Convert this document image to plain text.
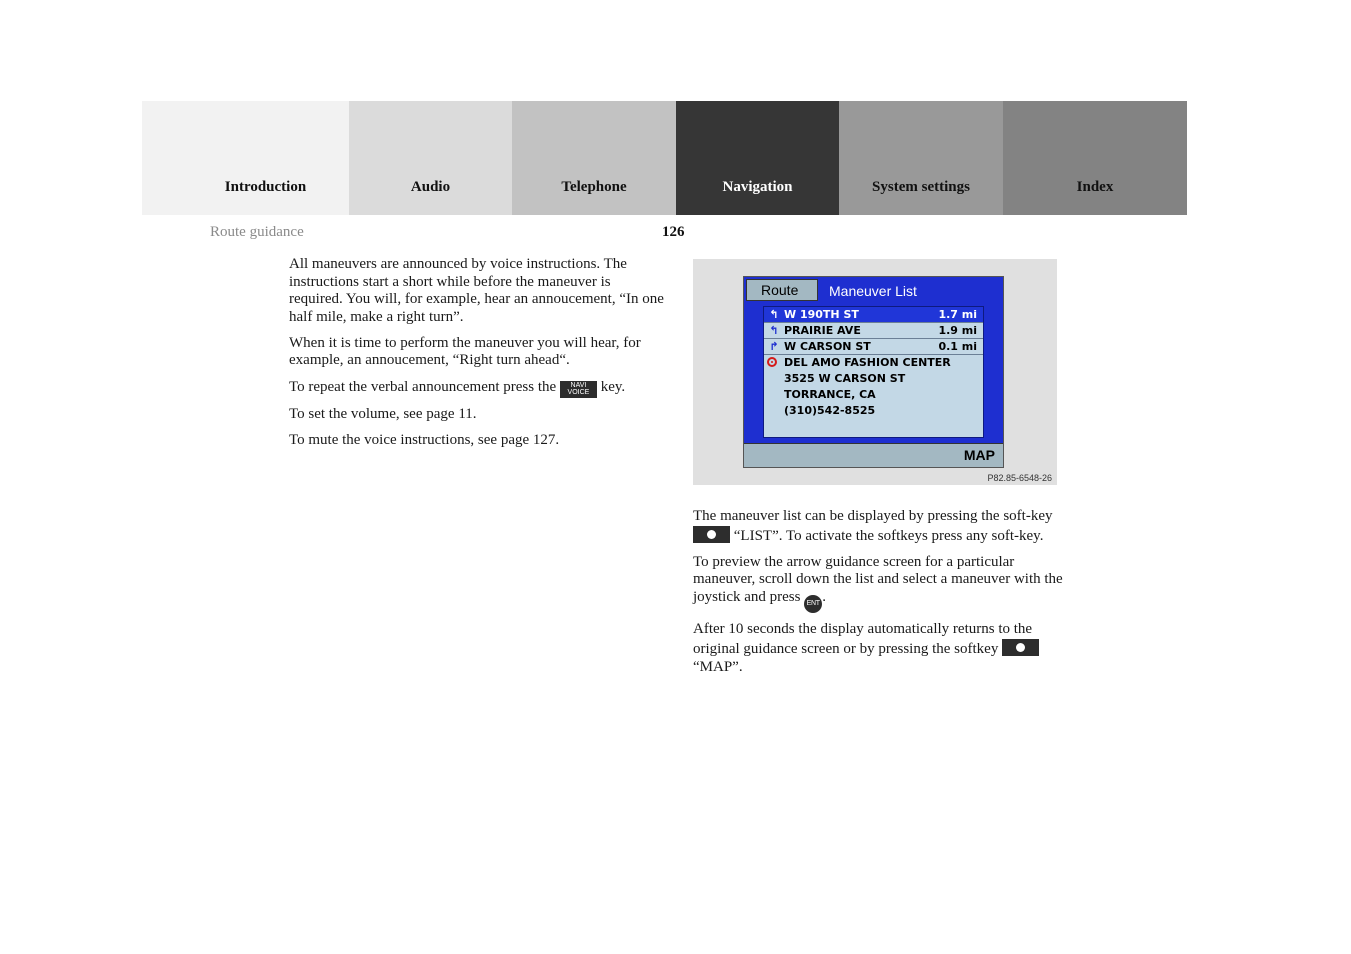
Introduction	Audio	Telephone	Navigation	System settings	Index
Route guidance	126

All maneuvers are announced by voice instructions. The instructions start a short while before the maneuver is required. You will, for example, hear an annoucement, “In one half mile, make a right turn”.

When it is time to perform the maneuver you will hear, for example, an annoucement, “Right turn ahead“.

To repeat the verbal announcement press the NAVI
VOICE key.

To set the volume, see page 11.

To mute the voice instructions, see page 127.

Route	Maneuver List
↰ W 190TH ST	1.7 mi
↰ PRAIRIE AVE	1.9 mi
↱ W CARSON ST	0.1 mi
DEL AMO FASHION CENTER
3525 W CARSON ST
TORRANCE, CA
(310)542-8525
MAP
P82.85-6548-26

The maneuver list can be displayed by pressing the soft-key  “LIST”. To activate the softkeys press any soft-key.

To preview the arrow guidance screen for a particular maneuver, scroll down the list and select a maneuver with the joystick and press ENT .

After 10 seconds the display automatically returns to the original guidance screen or by pressing the softkey  “MAP”.
